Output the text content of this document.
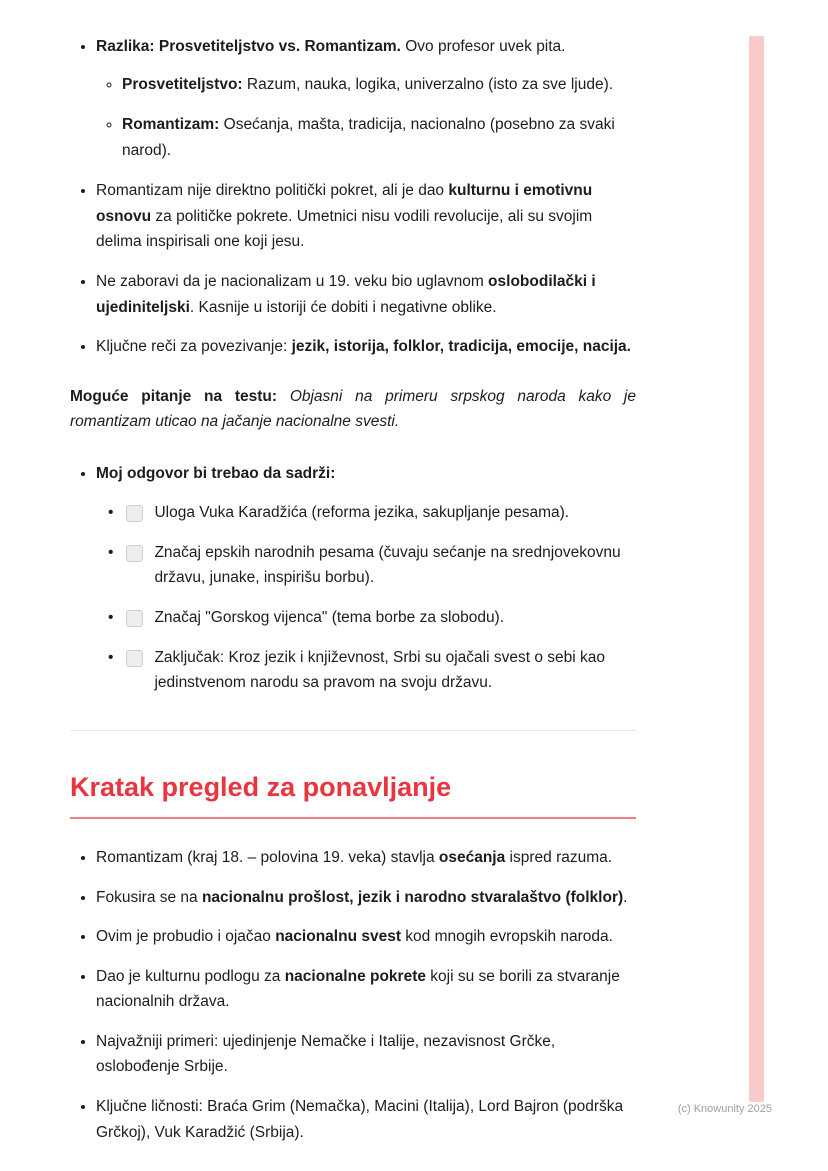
• Razlika: Prosvetiteljstvo vs. Romantizam. Ovo profesor uvek pita.
◦ Prosvetiteljstvo: Razum, nauka, logika, univerzalno (isto za sve ljude).
◦ Romantizam: Osećanja, mašta, tradicija, nacionalno (posebno za svaki narod).
• Romantizam nije direktno politički pokret, ali je dao kulturnu i emotivnu osnovu za političke pokrete. Umetnici nisu vodili revolucije, ali su svojim delima inspirisali one koji jesu.
• Ne zaboravi da je nacionalizam u 19. veku bio uglavnom oslobodilački i ujediniteljski. Kasnije u istoriji će dobiti i negativne oblike.
• Ključne reči za povezivanje: jezik, istorija, folklor, tradicija, emocije, nacija.

Moguće pitanje na testu: Objasni na primeru srpskog naroda kako je romantizam uticao na jačanje nacionalne svesti.

• Moj odgovor bi trebao da sadrži:
• Uloga Vuka Karadžića (reforma jezika, sakupljanje pesama).
• Značaj epskih narodnih pesama (čuvaju sećanje na srednjovekovnu državu, junake, inspirišu borbu).
• Značaj "Gorskog vijenca" (tema borbe za slobodu).
• Zaključak: Kroz jezik i književnost, Srbi su ojačali svest o sebi kao jedinstvenom narodu sa pravom na svoju državu.
Kratak pregled za ponavljanje
• Romantizam (kraj 18. – polovina 19. veka) stavlja osećanja ispred razuma.
• Fokusira se na nacionalnu prošlost, jezik i narodno stvaralaštvo (folklor).
• Ovim je probudio i ojačao nacionalnu svest kod mnogih evropskih naroda.
• Dao je kulturnu podlogu za nacionalne pokrete koji su se borili za stvaranje nacionalnih država.
• Najvažniji primeri: ujedinjenje Nemačke i Italije, nezavisnost Grčke, oslobođenje Srbije.
• Ključne ličnosti: Braća Grim (Nemačka), Macini (Italija), Lord Bajron (podrška Grčkoj), Vuk Karadžić (Srbija).
(c) Knowunity 2025
